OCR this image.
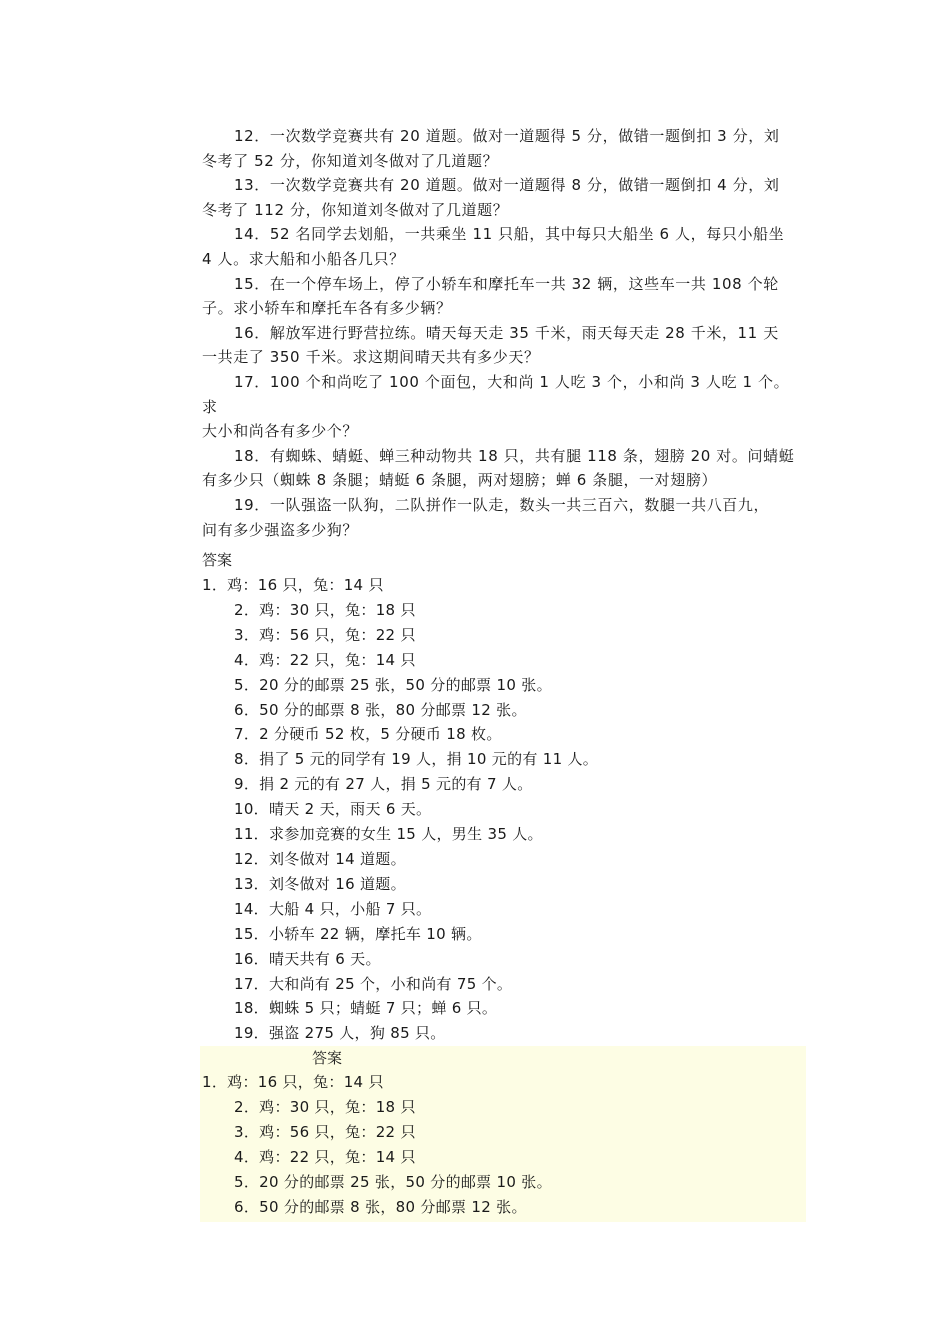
12．一次数学竞赛共有 20 道题。做对一道题得 5 分，做错一题倒扣 3 分，刘
冬考了 52 分，你知道刘冬做对了几道题？

13．一次数学竞赛共有 20 道题。做对一道题得 8 分，做错一题倒扣 4 分，刘
冬考了 112 分，你知道刘冬做对了几道题？

14．52 名同学去划船，一共乘坐 11 只船，其中每只大船坐 6 人，每只小船坐
4 人。求大船和小船各几只？

15．在一个停车场上，停了小轿车和摩托车一共 32 辆，这些车一共 108 个轮
子。求小轿车和摩托车各有多少辆？

16．解放军进行野营拉练。晴天每天走 35 千米，雨天每天走 28 千米，11 天
一共走了 350 千米。求这期间晴天共有多少天？

17．100 个和尚吃了 100 个面包，大和尚 1 人吃 3 个，小和尚 3 人吃 1 个。求
大小和尚各有多少个？

18．有蜘蛛、蜻蜓、蝉三种动物共 18 只，共有腿 118 条，翅膀 20 对。问蜻蜓
有多少只（蜘蛛 8 条腿；蜻蜓 6 条腿，两对翅膀；蝉 6 条腿，一对翅膀）

19．一队强盗一队狗，二队拼作一队走，数头一共三百六，数腿一共八百九，
问有多少强盗多少狗？

答案

1．鸡：16 只，兔：14 只
2．鸡：30 只，兔：18 只
3．鸡：56 只，兔：22 只
4．鸡：22 只，兔：14 只
5．20 分的邮票 25 张，50 分的邮票 10 张。
6．50 分的邮票 8 张，80 分邮票 12 张。
7．2 分硬币 52 枚，5 分硬币 18 枚。
8．捐了 5 元的同学有 19 人，捐 10 元的有 11 人。
9．捐 2 元的有 27 人，捐 5 元的有 7 人。
10．晴天 2 天，雨天 6 天。
11．求参加竞赛的女生 15 人，男生 35 人。
12．刘冬做对 14 道题。
13．刘冬做对 16 道题。
14．大船 4 只，小船 7 只。
15．小轿车 22 辆，摩托车 10 辆。
16．晴天共有 6 天。
17．大和尚有 25 个，小和尚有 75 个。
18．蜘蛛 5 只；蜻蜓 7 只；蝉 6 只。
19．强盗 275 人，狗 85 只。

答案

1．鸡：16 只，兔：14 只
2．鸡：30 只，兔：18 只
3．鸡：56 只，兔：22 只
4．鸡：22 只，兔：14 只
5．20 分的邮票 25 张，50 分的邮票 10 张。
6．50 分的邮票 8 张，80 分邮票 12 张。
